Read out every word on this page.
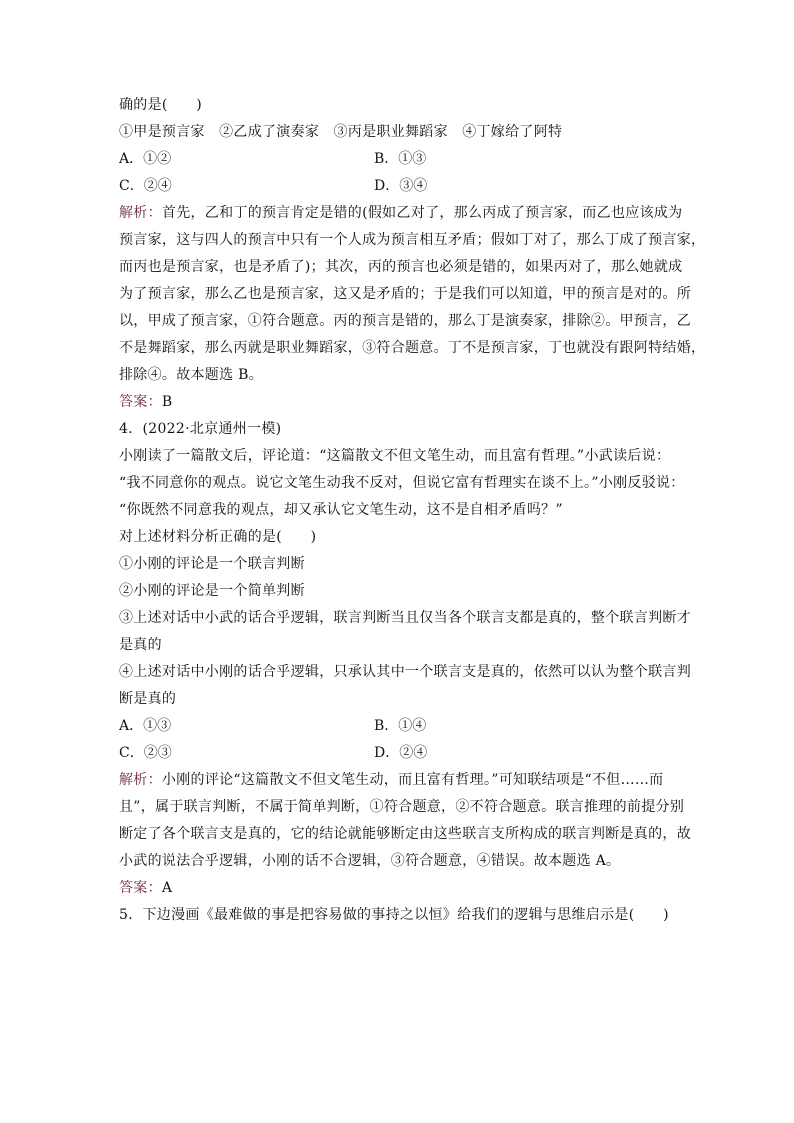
确的是(　　)
①甲是预言家　②乙成了演奏家　③丙是职业舞蹈家　④丁嫁给了阿特
A．①②	B．①③
C．②④	D．③④
解析：首先，乙和丁的预言肯定是错的(假如乙对了，那么丙成了预言家，而乙也应该成为
预言家，这与四人的预言中只有一个人成为预言相互矛盾；假如丁对了，那么丁成了预言家，
而丙也是预言家，也是矛盾了)；其次，丙的预言也必须是错的，如果丙对了，那么她就成
为了预言家，那么乙也是预言家，这又是矛盾的；于是我们可以知道，甲的预言是对的。所
以，甲成了预言家，①符合题意。丙的预言是错的，那么丁是演奏家，排除②。甲预言，乙
不是舞蹈家，那么丙就是职业舞蹈家，③符合题意。丁不是预言家，丁也就没有跟阿特结婚，
排除④。故本题选 B。
答案：B
4．(2022·北京通州一模)
小刚读了一篇散文后，评论道：“这篇散文不但文笔生动，而且富有哲理。”小武读后说：
“我不同意你的观点。说它文笔生动我不反对，但说它富有哲理实在谈不上。”小刚反驳说：
“你既然不同意我的观点，却又承认它文笔生动，这不是自相矛盾吗？”
对上述材料分析正确的是(　　)
①小刚的评论是一个联言判断
②小刚的评论是一个简单判断
③上述对话中小武的话合乎逻辑，联言判断当且仅当各个联言支都是真的，整个联言判断才
是真的
④上述对话中小刚的话合乎逻辑，只承认其中一个联言支是真的，依然可以认为整个联言判
断是真的
A．①③	B．①④
C．②③	D．②④
解析：小刚的评论“这篇散文不但文笔生动，而且富有哲理。”可知联结项是“不但……而
且”，属于联言判断，不属于简单判断，①符合题意，②不符合题意。联言推理的前提分别
断定了各个联言支是真的，它的结论就能够断定由这些联言支所构成的联言判断是真的，故
小武的说法合乎逻辑，小刚的话不合逻辑，③符合题意，④错误。故本题选 A。
答案：A
5．下边漫画《最难做的事是把容易做的事持之以恒》给我们的逻辑与思维启示是(　　)
